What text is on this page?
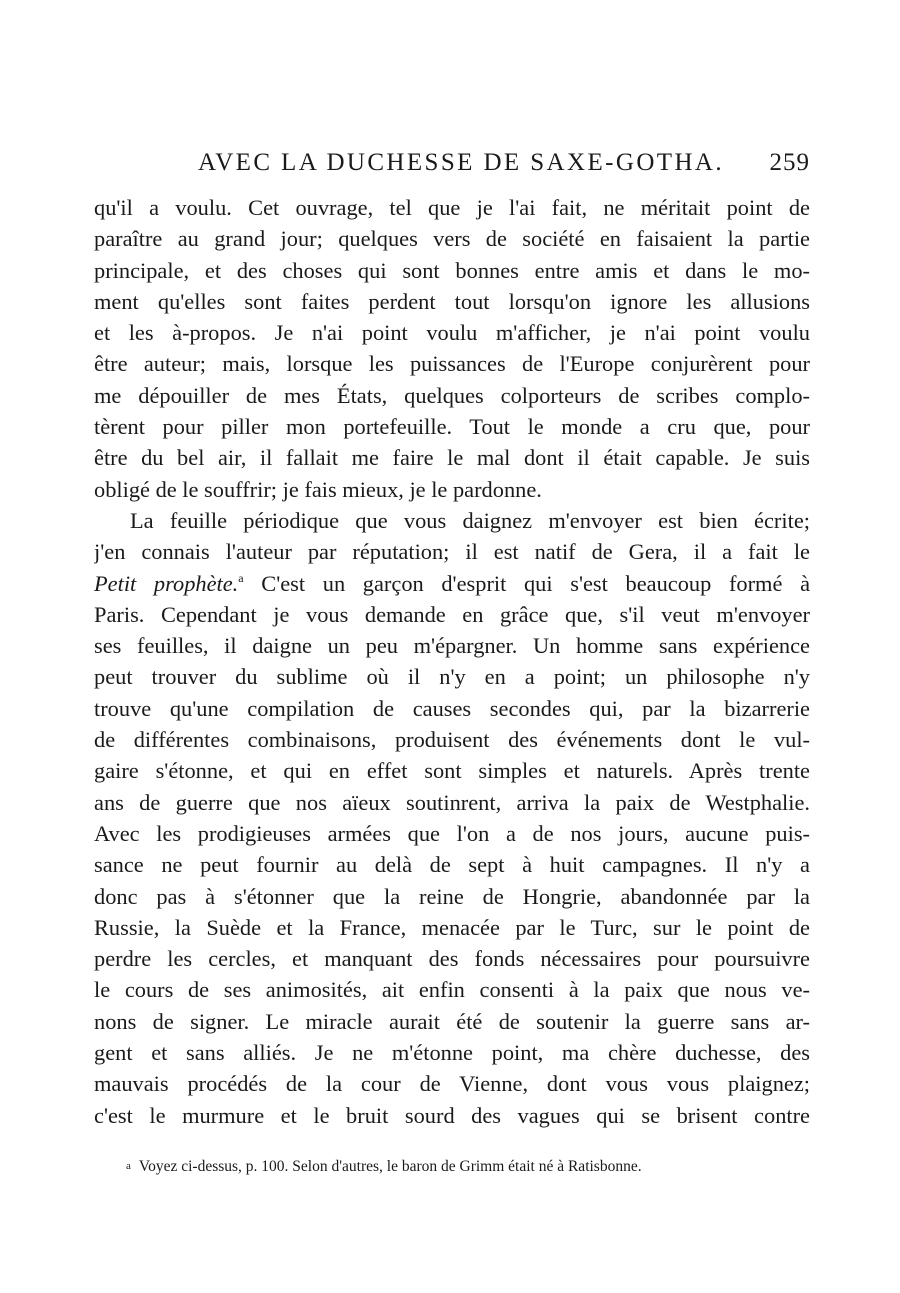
AVEC LA DUCHESSE DE SAXE-GOTHA.	259
qu'il a voulu. Cet ouvrage, tel que je l'ai fait, ne méritait point de
paraître au grand jour; quelques vers de société en faisaient la partie
principale, et des choses qui sont bonnes entre amis et dans le mo-
ment qu'elles sont faites perdent tout lorsqu'on ignore les allusions
et les à-propos. Je n'ai point voulu m'afficher, je n'ai point voulu
être auteur; mais, lorsque les puissances de l'Europe conjurèrent pour
me dépouiller de mes États, quelques colporteurs de scribes complo-
tèrent pour piller mon portefeuille. Tout le monde a cru que, pour
être du bel air, il fallait me faire le mal dont il était capable. Je suis
obligé de le souffrir; je fais mieux, je le pardonne.
La feuille périodique que vous daignez m'envoyer est bien écrite;
j'en connais l'auteur par réputation; il est natif de Gera, il a fait le
Petit prophète.$^a$ C'est un garçon d'esprit qui s'est beaucoup formé à
Paris. Cependant je vous demande en grâce que, s'il veut m'envoyer
ses feuilles, il daigne un peu m'épargner. Un homme sans expérience
peut trouver du sublime où il n'y en a point; un philosophe n'y
trouve qu'une compilation de causes secondes qui, par la bizarrerie
de différentes combinaisons, produisent des événements dont le vul-
gaire s'étonne, et qui en effet sont simples et naturels. Après trente
ans de guerre que nos aïeux soutinrent, arriva la paix de Westphalie.
Avec les prodigieuses armées que l'on a de nos jours, aucune puis-
sance ne peut fournir au delà de sept à huit campagnes. Il n'y a
donc pas à s'étonner que la reine de Hongrie, abandonnée par la
Russie, la Suède et la France, menacée par le Turc, sur le point de
perdre les cercles, et manquant des fonds nécessaires pour poursuivre
le cours de ses animosités, ait enfin consenti à la paix que nous ve-
nons de signer. Le miracle aurait été de soutenir la guerre sans ar-
gent et sans alliés. Je ne m'étonne point, ma chère duchesse, des
mauvais procédés de la cour de Vienne, dont vous vous plaignez;
c'est le murmure et le bruit sourd des vagues qui se brisent contre
a Voyez ci-dessus, p. 100. Selon d'autres, le baron de Grimm était né à Ratisbonne.
